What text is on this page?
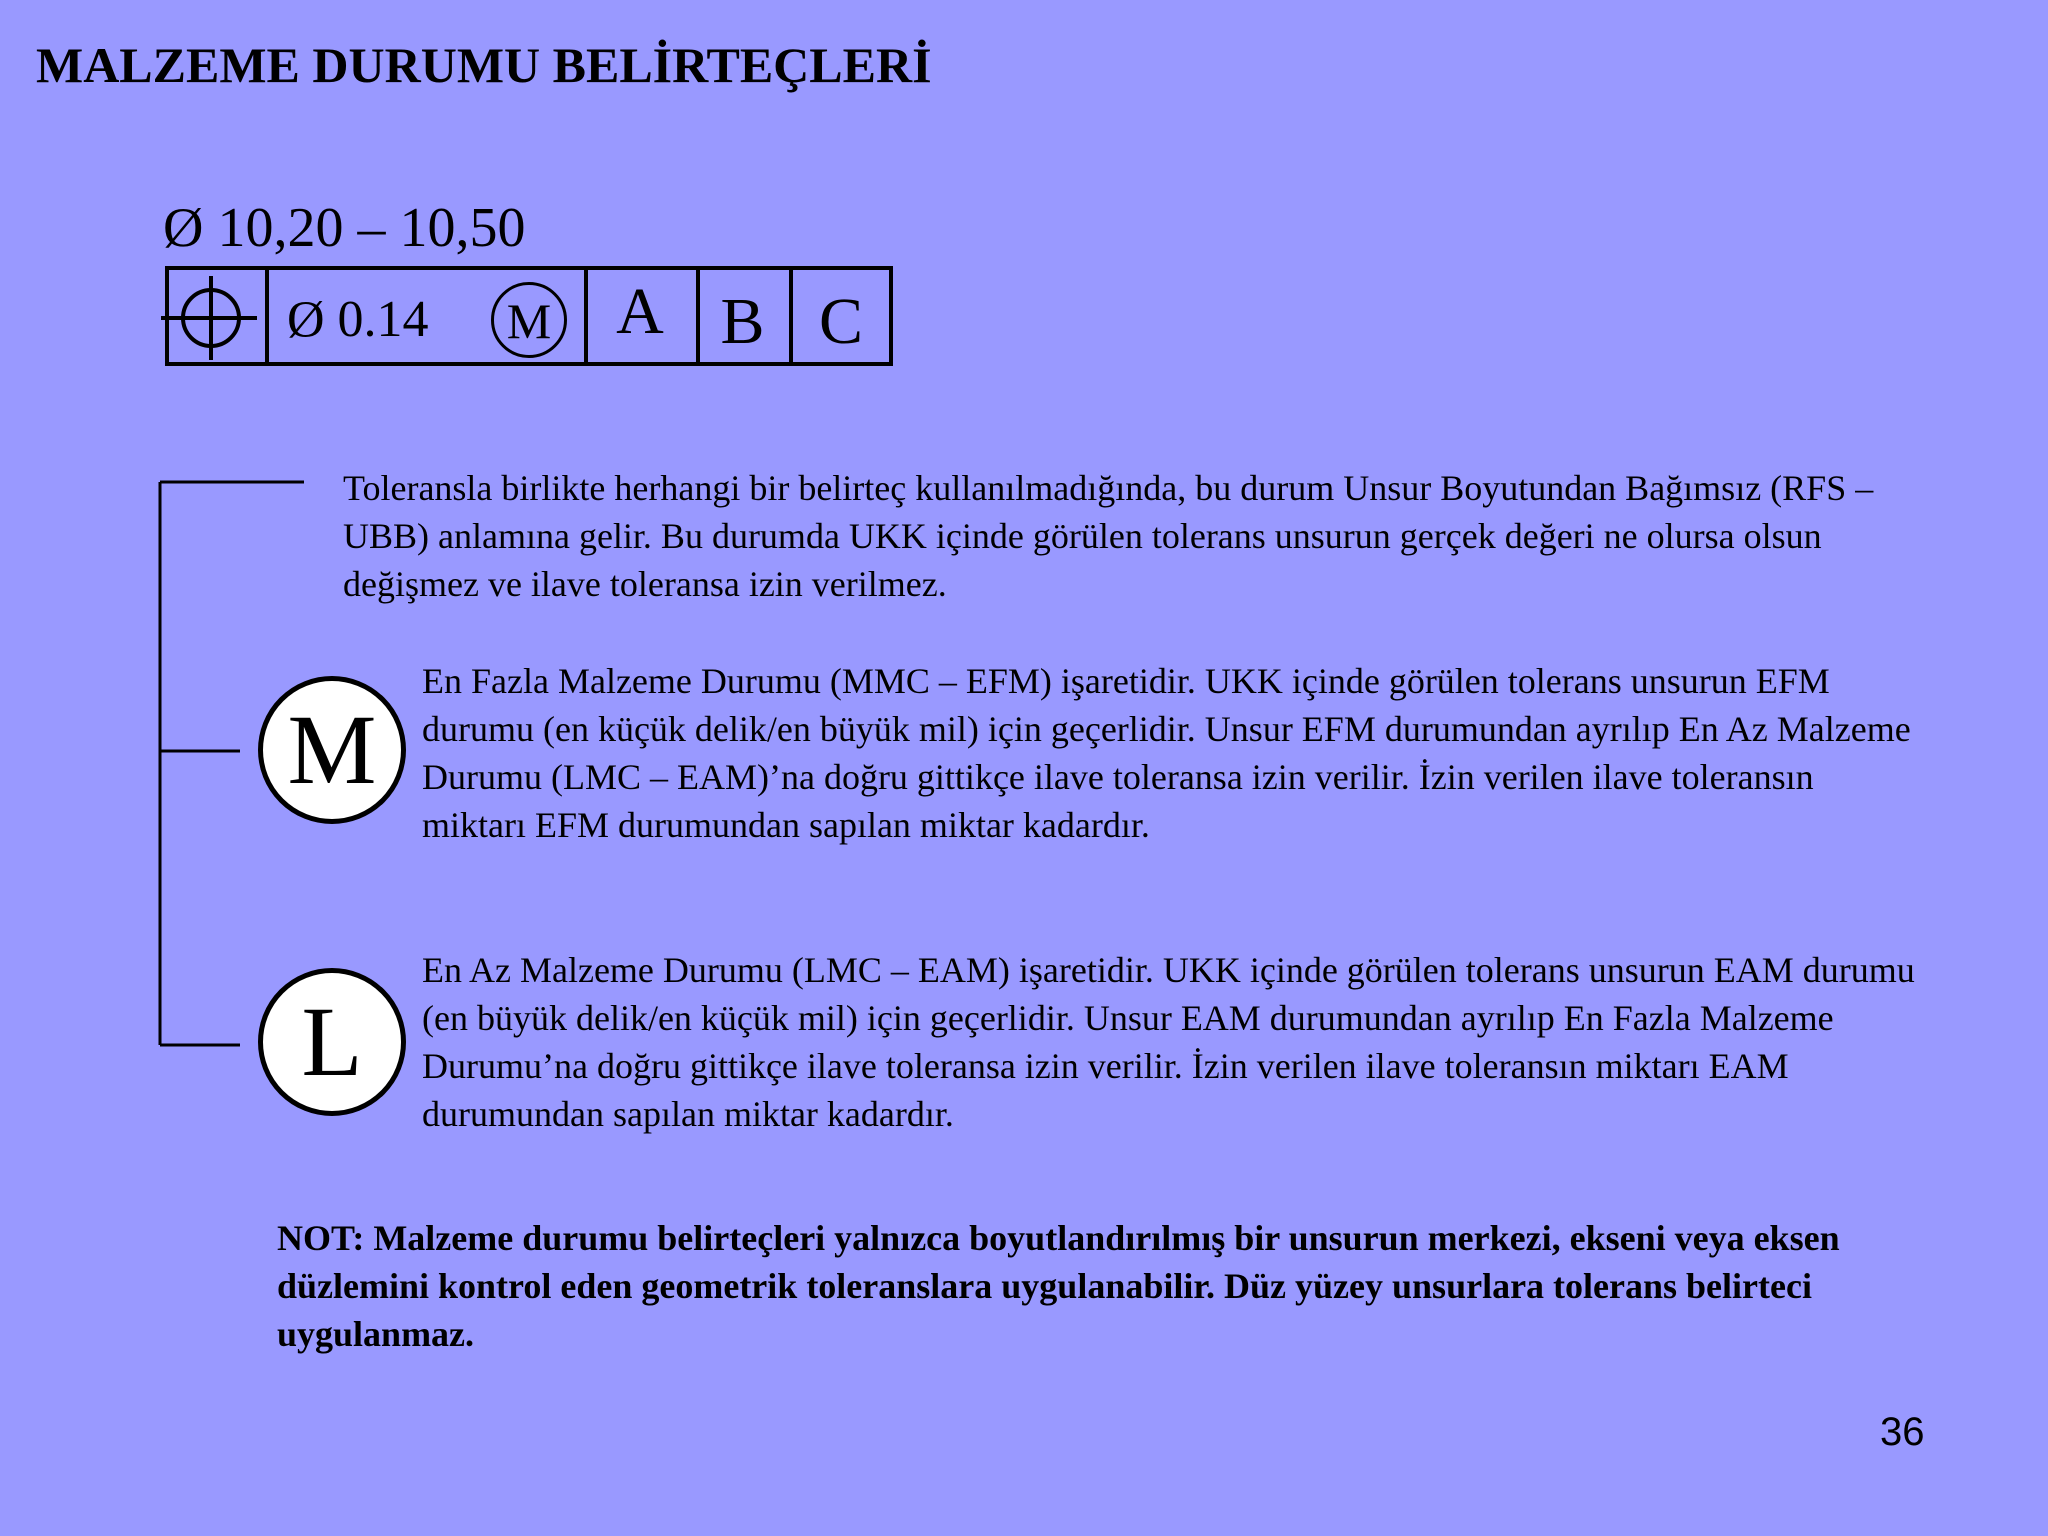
MALZEME DURUMU BELİRTEÇLERİ
Ø 10,20 – 10,50
Ø 0.14	M A B C

Toleransla birlikte herhangi bir belirteç kullanılmadığında, bu durum Unsur Boyutundan Bağımsız (RFS – UBB) anlamına gelir. Bu durumda UKK içinde görülen tolerans unsurun gerçek değeri ne olursa olsun değişmez ve ilave toleransa izin verilmez.

M

En Fazla Malzeme Durumu (MMC – EFM) işaretidir. UKK içinde görülen tolerans unsurun EFM durumu (en küçük delik/en büyük mil) için geçerlidir. Unsur EFM durumundan ayrılıp En Az Malzeme Durumu (LMC – EAM)’na doğru gittikçe ilave toleransa izin verilir. İzin verilen ilave toleransın miktarı EFM durumundan sapılan miktar kadardır.

L

En Az Malzeme Durumu (LMC – EAM) işaretidir. UKK içinde görülen tolerans unsurun EAM durumu (en büyük delik/en küçük mil) için geçerlidir. Unsur EAM durumundan ayrılıp En Fazla Malzeme Durumu’na doğru gittikçe ilave toleransa izin verilir. İzin verilen ilave toleransın miktarı EAM durumundan sapılan miktar kadardır.

NOT: Malzeme durumu belirteçleri yalnızca boyutlandırılmış bir unsurun merkezi, ekseni veya eksen düzlemini kontrol eden geometrik toleranslara uygulanabilir. Düz yüzey unsurlara tolerans belirteci uygulanmaz.

36
